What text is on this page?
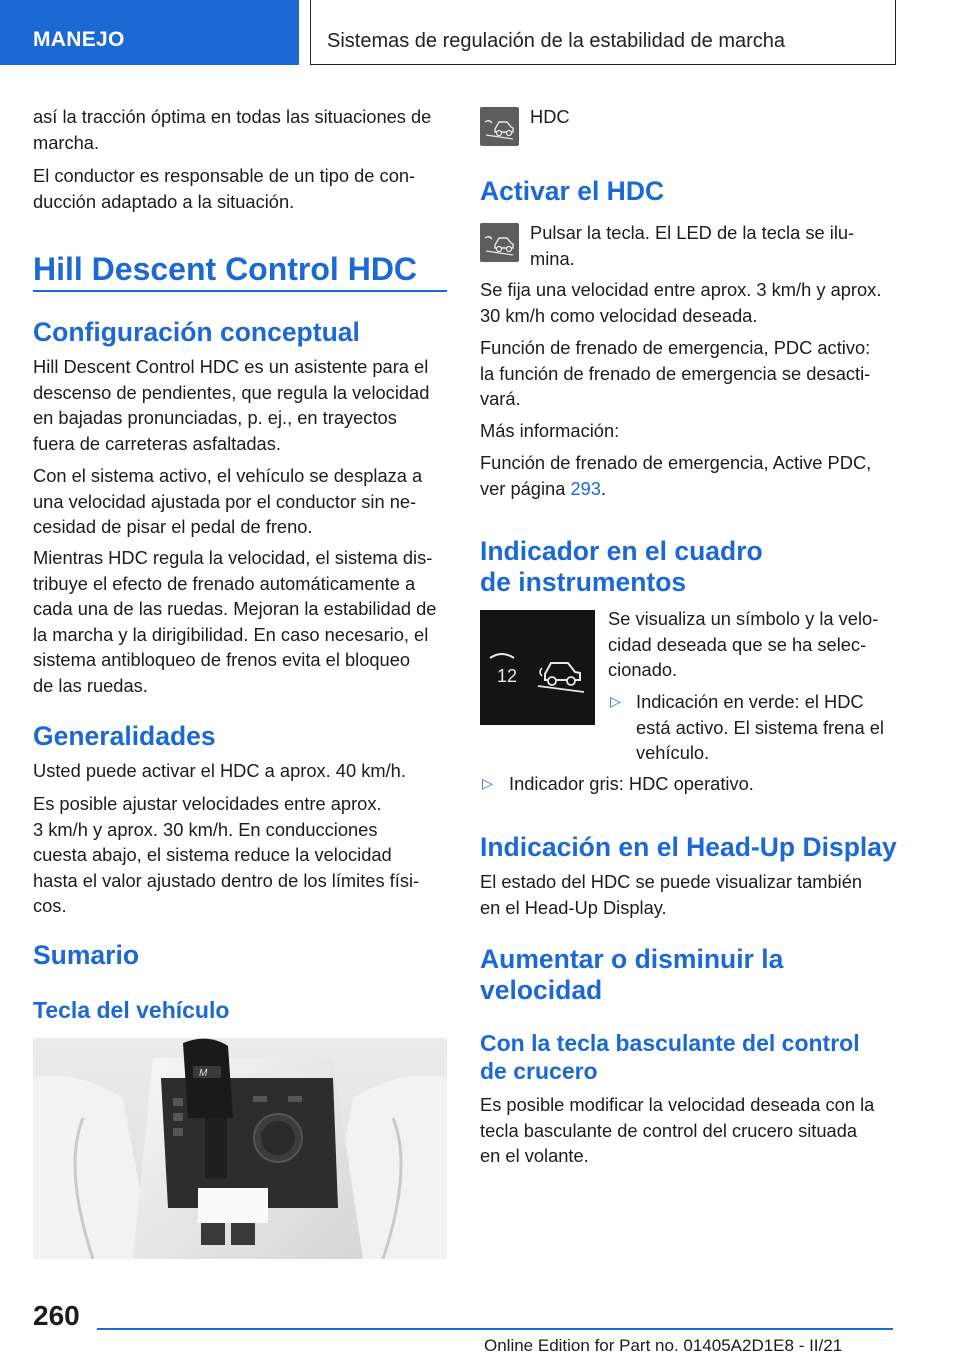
MANEJO	Sistemas de regulación de la estabilidad de marcha
así la tracción óptima en todas las situaciones de
marcha.
El conductor es responsable de un tipo de con‐
ducción adaptado a la situación.
Hill Descent Control HDC
Configuración conceptual
Hill Descent Control HDC es un asistente para el
descenso de pendientes, que regula la velocidad
en bajadas pronunciadas, p. ej., en trayectos
fuera de carreteras asfaltadas.
Con el sistema activo, el vehículo se desplaza a
una velocidad ajustada por el conductor sin ne‐
cesidad de pisar el pedal de freno.
Mientras HDC regula la velocidad, el sistema dis‐
tribuye el efecto de frenado automáticamente a
cada una de las ruedas. Mejoran la estabilidad de
la marcha y la dirigibilidad. En caso necesario, el
sistema antibloqueo de frenos evita el bloqueo
de las ruedas.
Generalidades
Usted puede activar el HDC a aprox. 40 km/h.
Es posible ajustar velocidades entre aprox.
3 km/h y aprox. 30 km/h. En conducciones
cuesta abajo, el sistema reduce la velocidad
hasta el valor ajustado dentro de los límites físi‐
cos.
Sumario
Tecla del vehículo
M
HDC
Activar el HDC
Pulsar la tecla. El LED de la tecla se ilu‐
mina.
Se fija una velocidad entre aprox. 3 km/h y aprox.
30 km/h como velocidad deseada.
Función de frenado de emergencia, PDC activo:
la función de frenado de emergencia se desacti‐
vará.
Más información:
Función de frenado de emergencia, Active PDC,
ver página 293.
Indicador en el cuadro
de instrumentos
12
Se visualiza un símbolo y la velo‐
cidad deseada que se ha selec‐
cionado.
▷ Indicación en verde: el HDC
está activo. El sistema frena el
vehículo.
▷ Indicador gris: HDC operativo.
Indicación en el Head-Up Display
El estado del HDC se puede visualizar también
en el Head-Up Display.
Aumentar o disminuir la
velocidad
Con la tecla basculante del control
de crucero
Es posible modificar la velocidad deseada con la
tecla basculante de control del crucero situada
en el volante.
260
Online Edition for Part no. 01405A2D1E8 - II/21
